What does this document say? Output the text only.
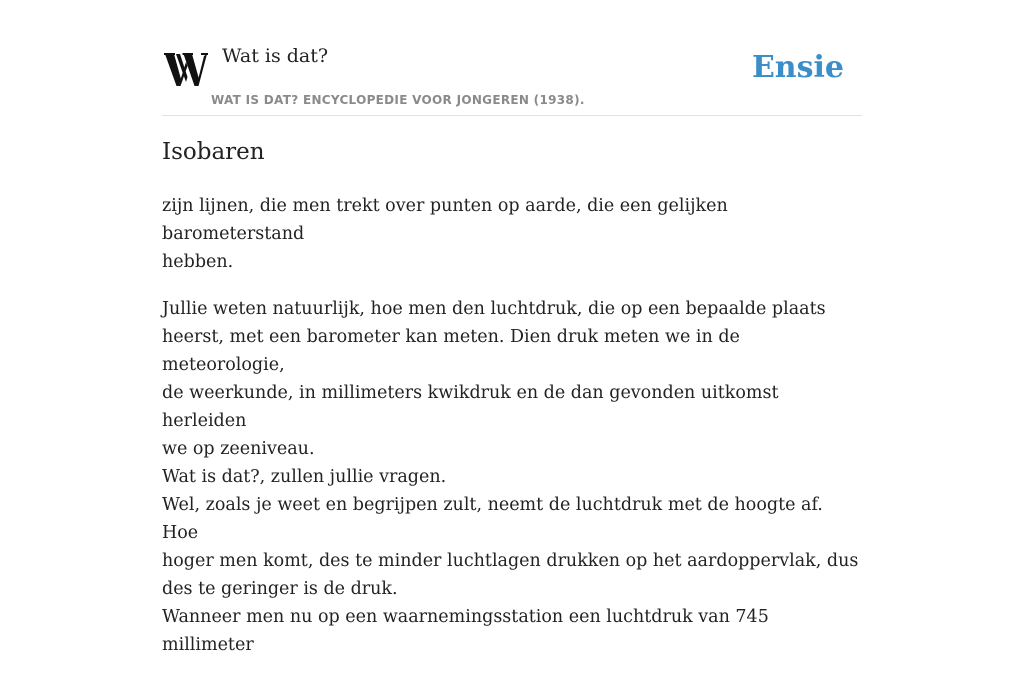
Wat is dat?
WAT IS DAT? ENCYCLOPEDIE VOOR JONGEREN (1938).
Ensie
Isobaren

zijn lijnen, die men trekt over punten op aarde, die een gelijken barometerstand
hebben.

Jullie weten natuurlijk, hoe men den luchtdruk, die op een bepaalde plaats
heerst, met een barometer kan meten. Dien druk meten we in de meteorologie,
de weerkunde, in millimeters kwikdruk en de dan gevonden uitkomst herleiden
we op zeeniveau.
Wat is dat?, zullen jullie vragen.
Wel, zoals je weet en begrijpen zult, neemt de luchtdruk met de hoogte af. Hoe
hoger men komt, des te minder luchtlagen drukken op het aardoppervlak, dus
des te geringer is de druk.
Wanneer men nu op een waarnemingsstation een luchtdruk van 745 millimeter
